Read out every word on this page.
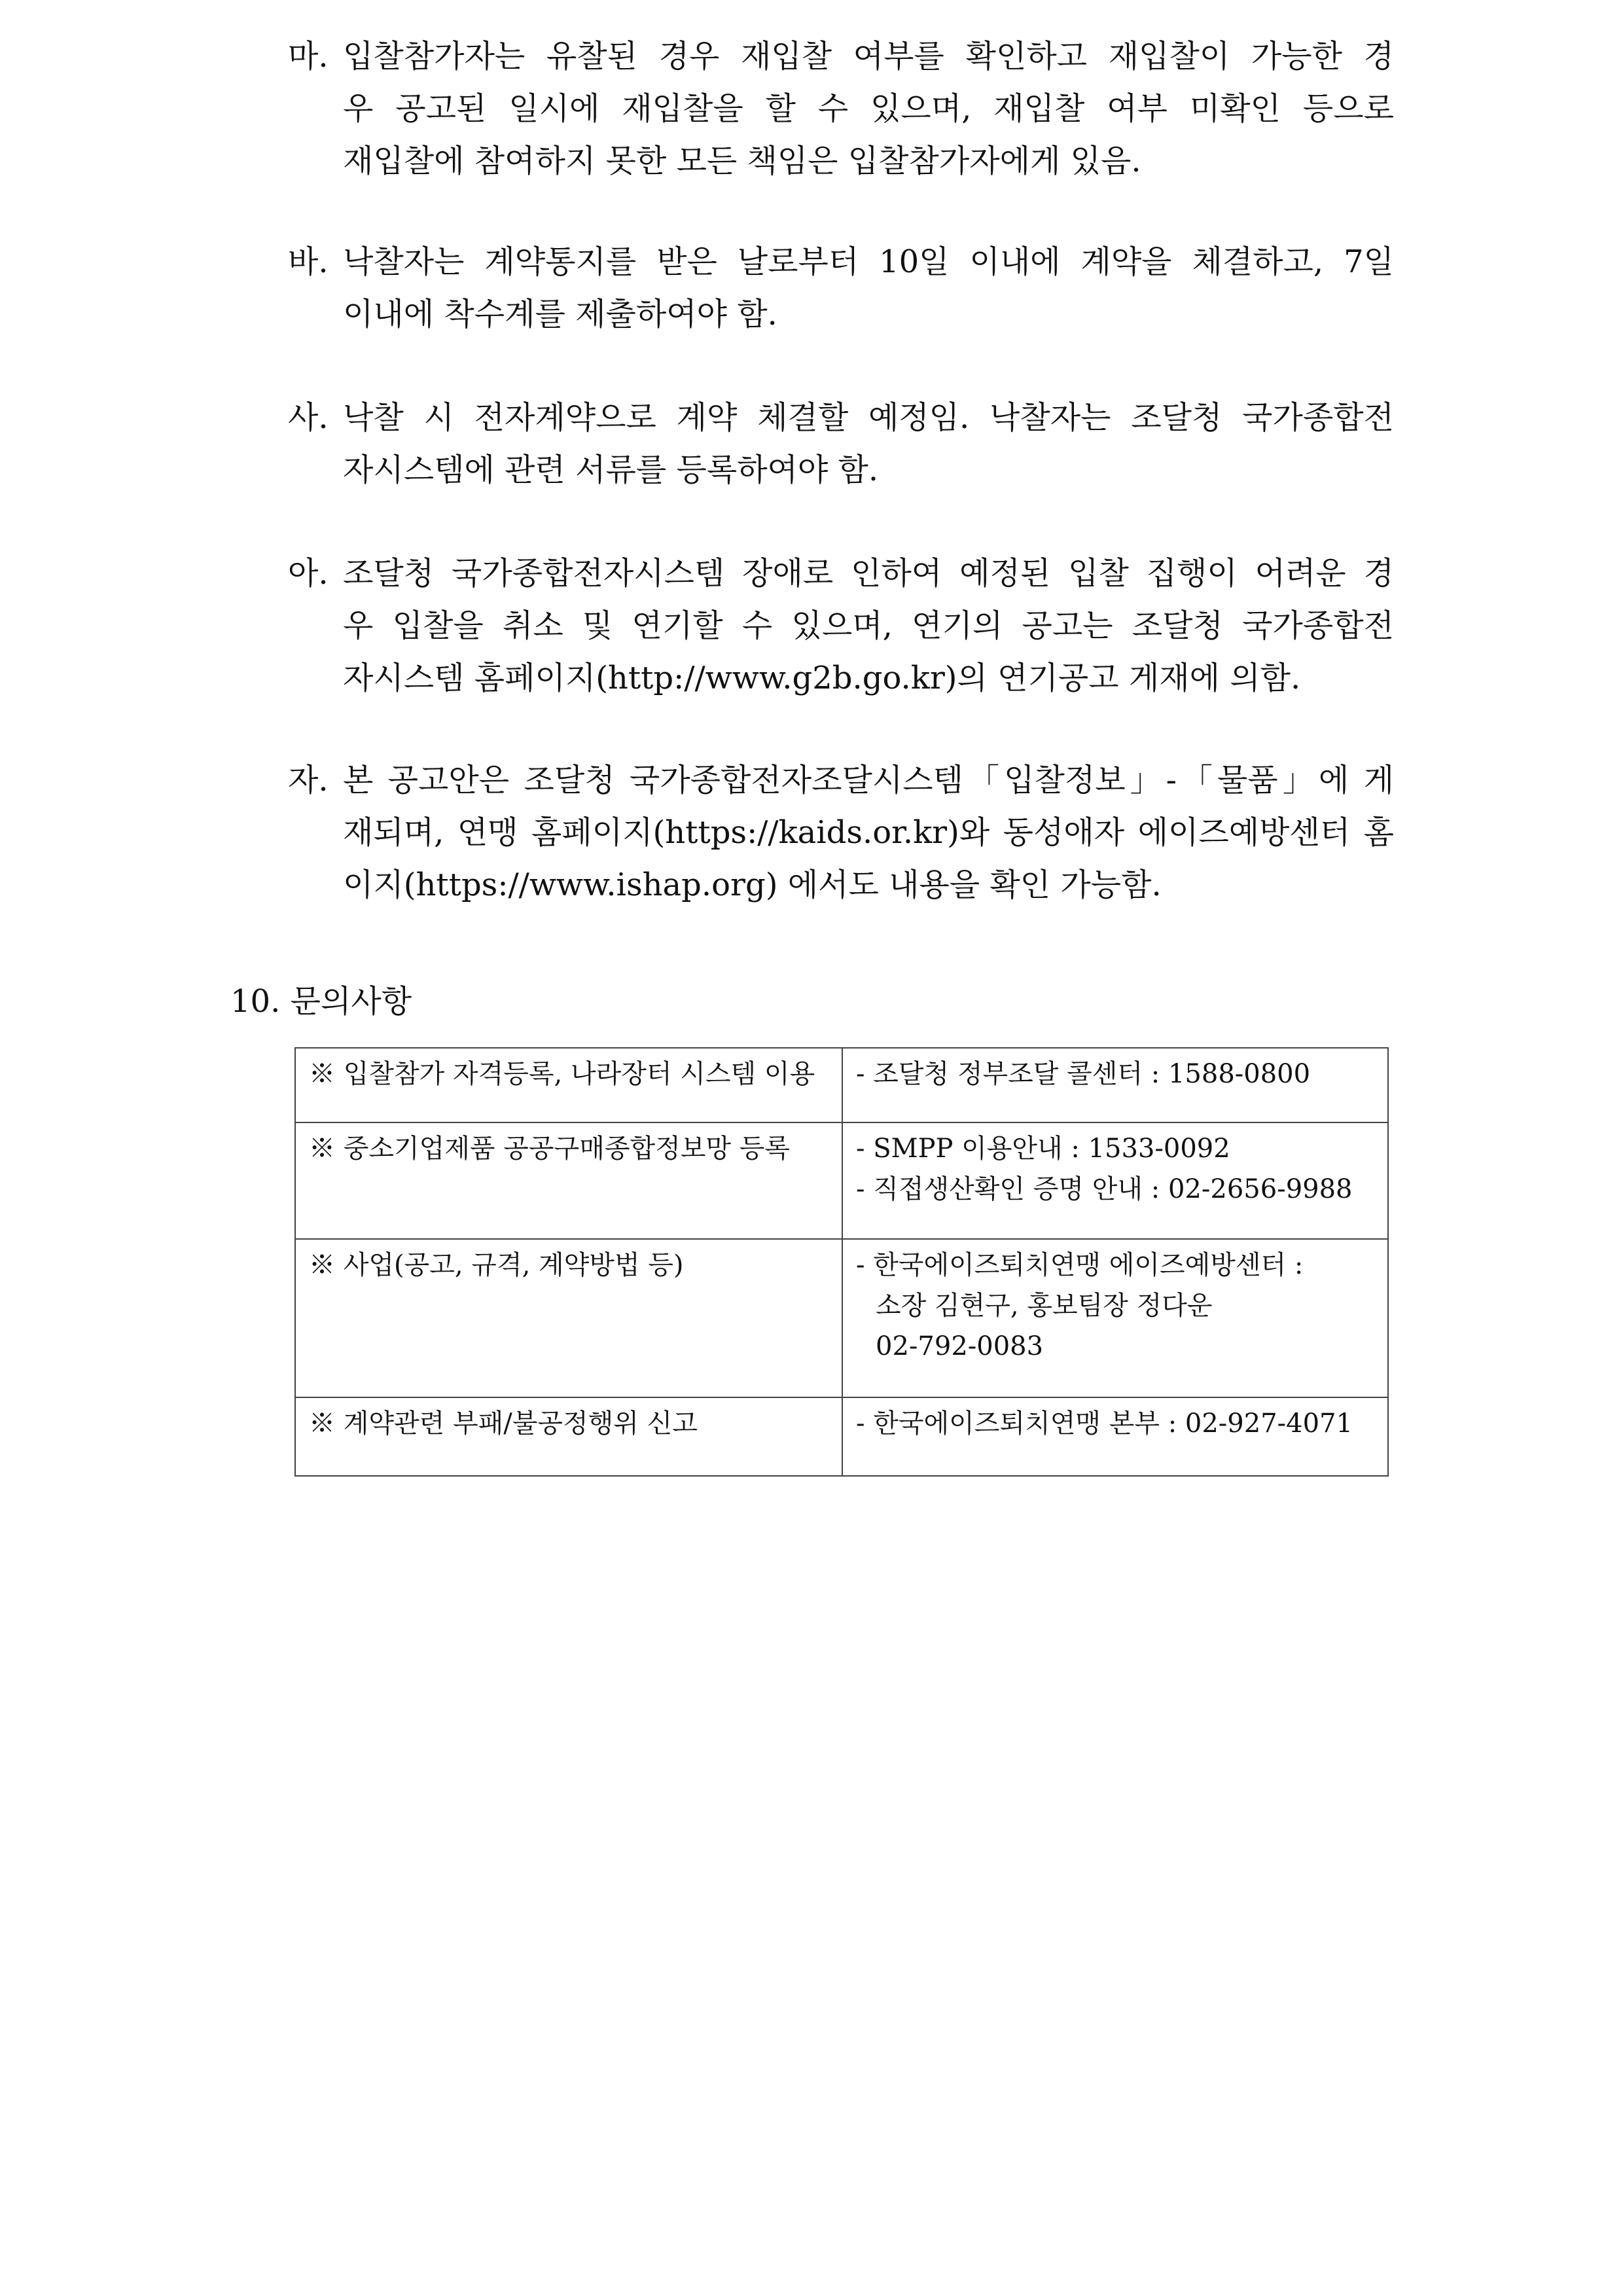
마. 입찰참가자는 유찰된 경우 재입찰 여부를 확인하고 재입찰이 가능한 경
우 공고된 일시에 재입찰을 할 수 있으며, 재입찰 여부 미확인 등으로
재입찰에 참여하지 못한 모든 책임은 입찰참가자에게 있음.
바. 낙찰자는 계약통지를 받은 날로부터 10일 이내에 계약을 체결하고, 7일
이내에 착수계를 제출하여야 함.
사. 낙찰 시 전자계약으로 계약 체결할 예정임. 낙찰자는 조달청 국가종합전
자시스템에 관련 서류를 등록하여야 함.
아. 조달청 국가종합전자시스템 장애로 인하여 예정된 입찰 집행이 어려운 경
우 입찰을 취소 및 연기할 수 있으며, 연기의 공고는 조달청 국가종합전
자시스템 홈페이지(http://www.g2b.go.kr)의 연기공고 게재에 의함.
자. 본 공고안은 조달청 국가종합전자조달시스템「입찰정보」-「물품」에 게
재되며, 연맹 홈페이지(https://kaids.or.kr)와 동성애자 에이즈예방센터 홈
이지(https://www.ishap.org) 에서도 내용을 확인 가능함.
10. 문의사항
※ 입찰참가 자격등록, 나라장터 시스템 이용	- 조달청 정부조달 콜센터 : 1588-0800

※ 중소기업제품 공공구매종합정보망 등록	- SMPP 이용안내 : 1533-0092
- 직접생산확인 증명 안내 : 02-2656-9988

※ 사업(공고, 규격, 계약방법 등)	- 한국에이즈퇴치연맹 에이즈예방센터 :
소장 김현구, 홍보팀장 정다운
02-792-0083

※ 계약관련 부패/불공정행위 신고	- 한국에이즈퇴치연맹 본부 : 02-927-4071
